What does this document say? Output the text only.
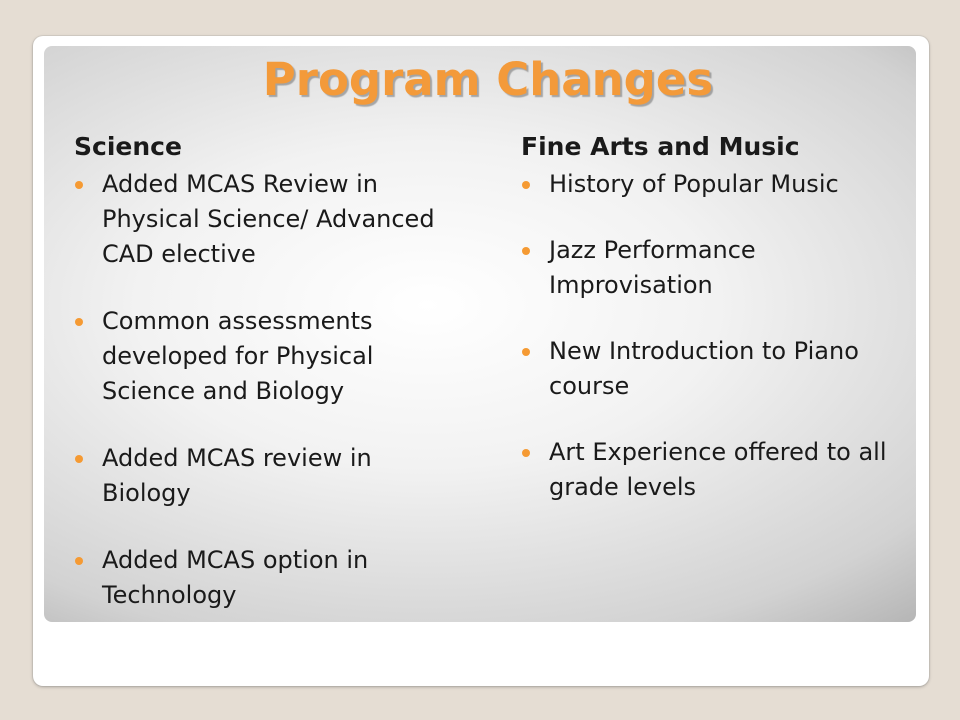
Program Changes
Science
Added MCAS Review in Physical Science/ Advanced CAD elective
Common assessments developed for Physical Science and Biology
Added MCAS review in Biology
Added MCAS option in Technology
Fine Arts and Music
History of Popular Music
Jazz Performance Improvisation
New Introduction to Piano course
Art Experience offered to all grade levels
